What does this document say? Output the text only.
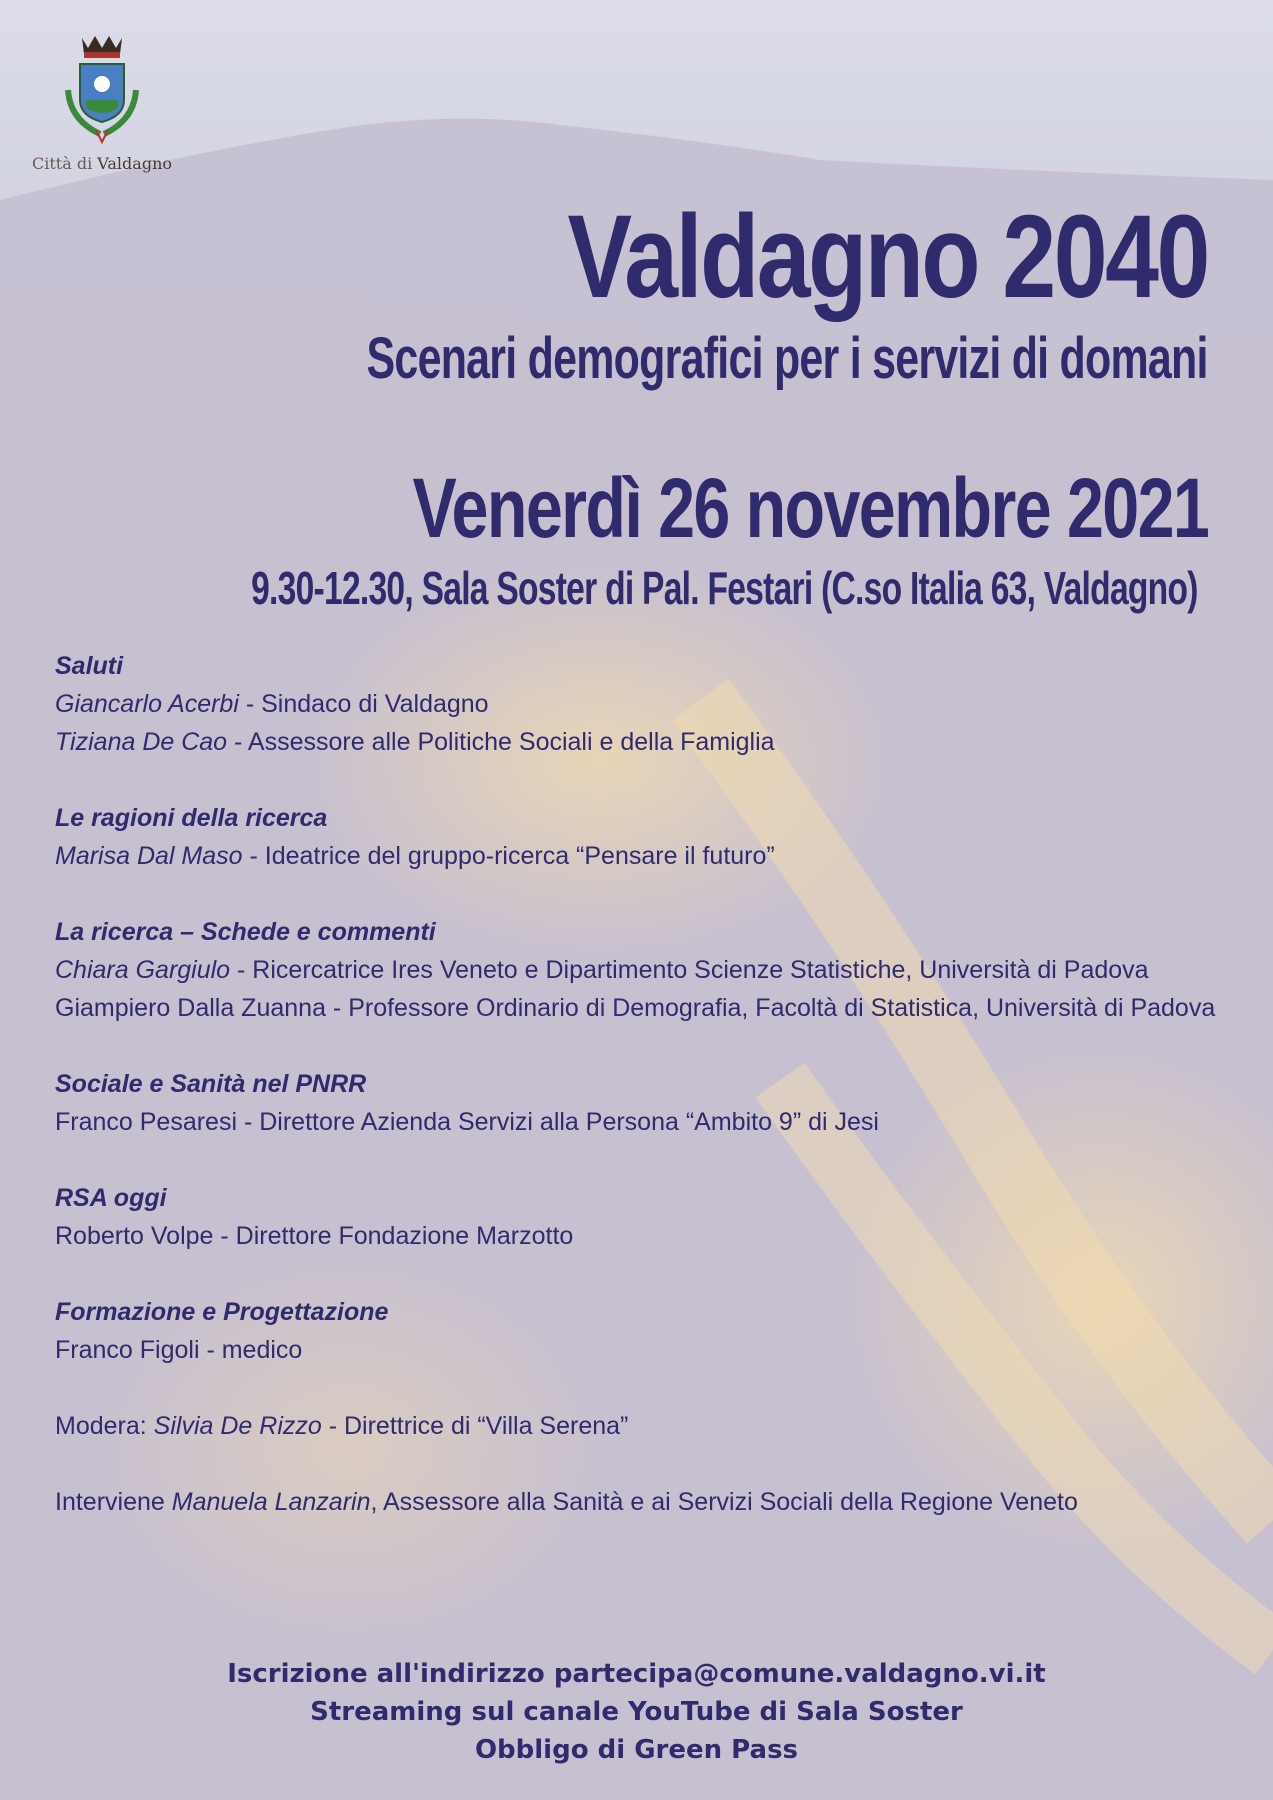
Città di Valdagno
Valdagno 2040
Scenari demografici per i servizi di domani
Venerdì 26 novembre 2021
9.30-12.30, Sala Soster di Pal. Festari (C.so Italia 63, Valdagno)
Saluti
Giancarlo Acerbi - Sindaco di Valdagno
Tiziana De Cao - Assessore alle Politiche Sociali e della Famiglia
Le ragioni della ricerca
Marisa Dal Maso - Ideatrice del gruppo-ricerca “Pensare il futuro”
La ricerca – Schede e commenti
Chiara Gargiulo - Ricercatrice Ires Veneto e Dipartimento Scienze Statistiche, Università di Padova
Giampiero Dalla Zuanna - Professore Ordinario di Demografia, Facoltà di Statistica, Università di Padova
Sociale e Sanità nel PNRR
Franco Pesaresi - Direttore Azienda Servizi alla Persona “Ambito 9” di Jesi
RSA oggi
Roberto Volpe - Direttore Fondazione Marzotto
Formazione e Progettazione
Franco Figoli - medico
Modera: Silvia De Rizzo - Direttrice di “Villa Serena”
Interviene Manuela Lanzarin, Assessore alla Sanità e ai Servizi Sociali della Regione Veneto
Iscrizione all'indirizzo partecipa@comune.valdagno.vi.it
Streaming sul canale YouTube di Sala Soster
Obbligo di Green Pass
